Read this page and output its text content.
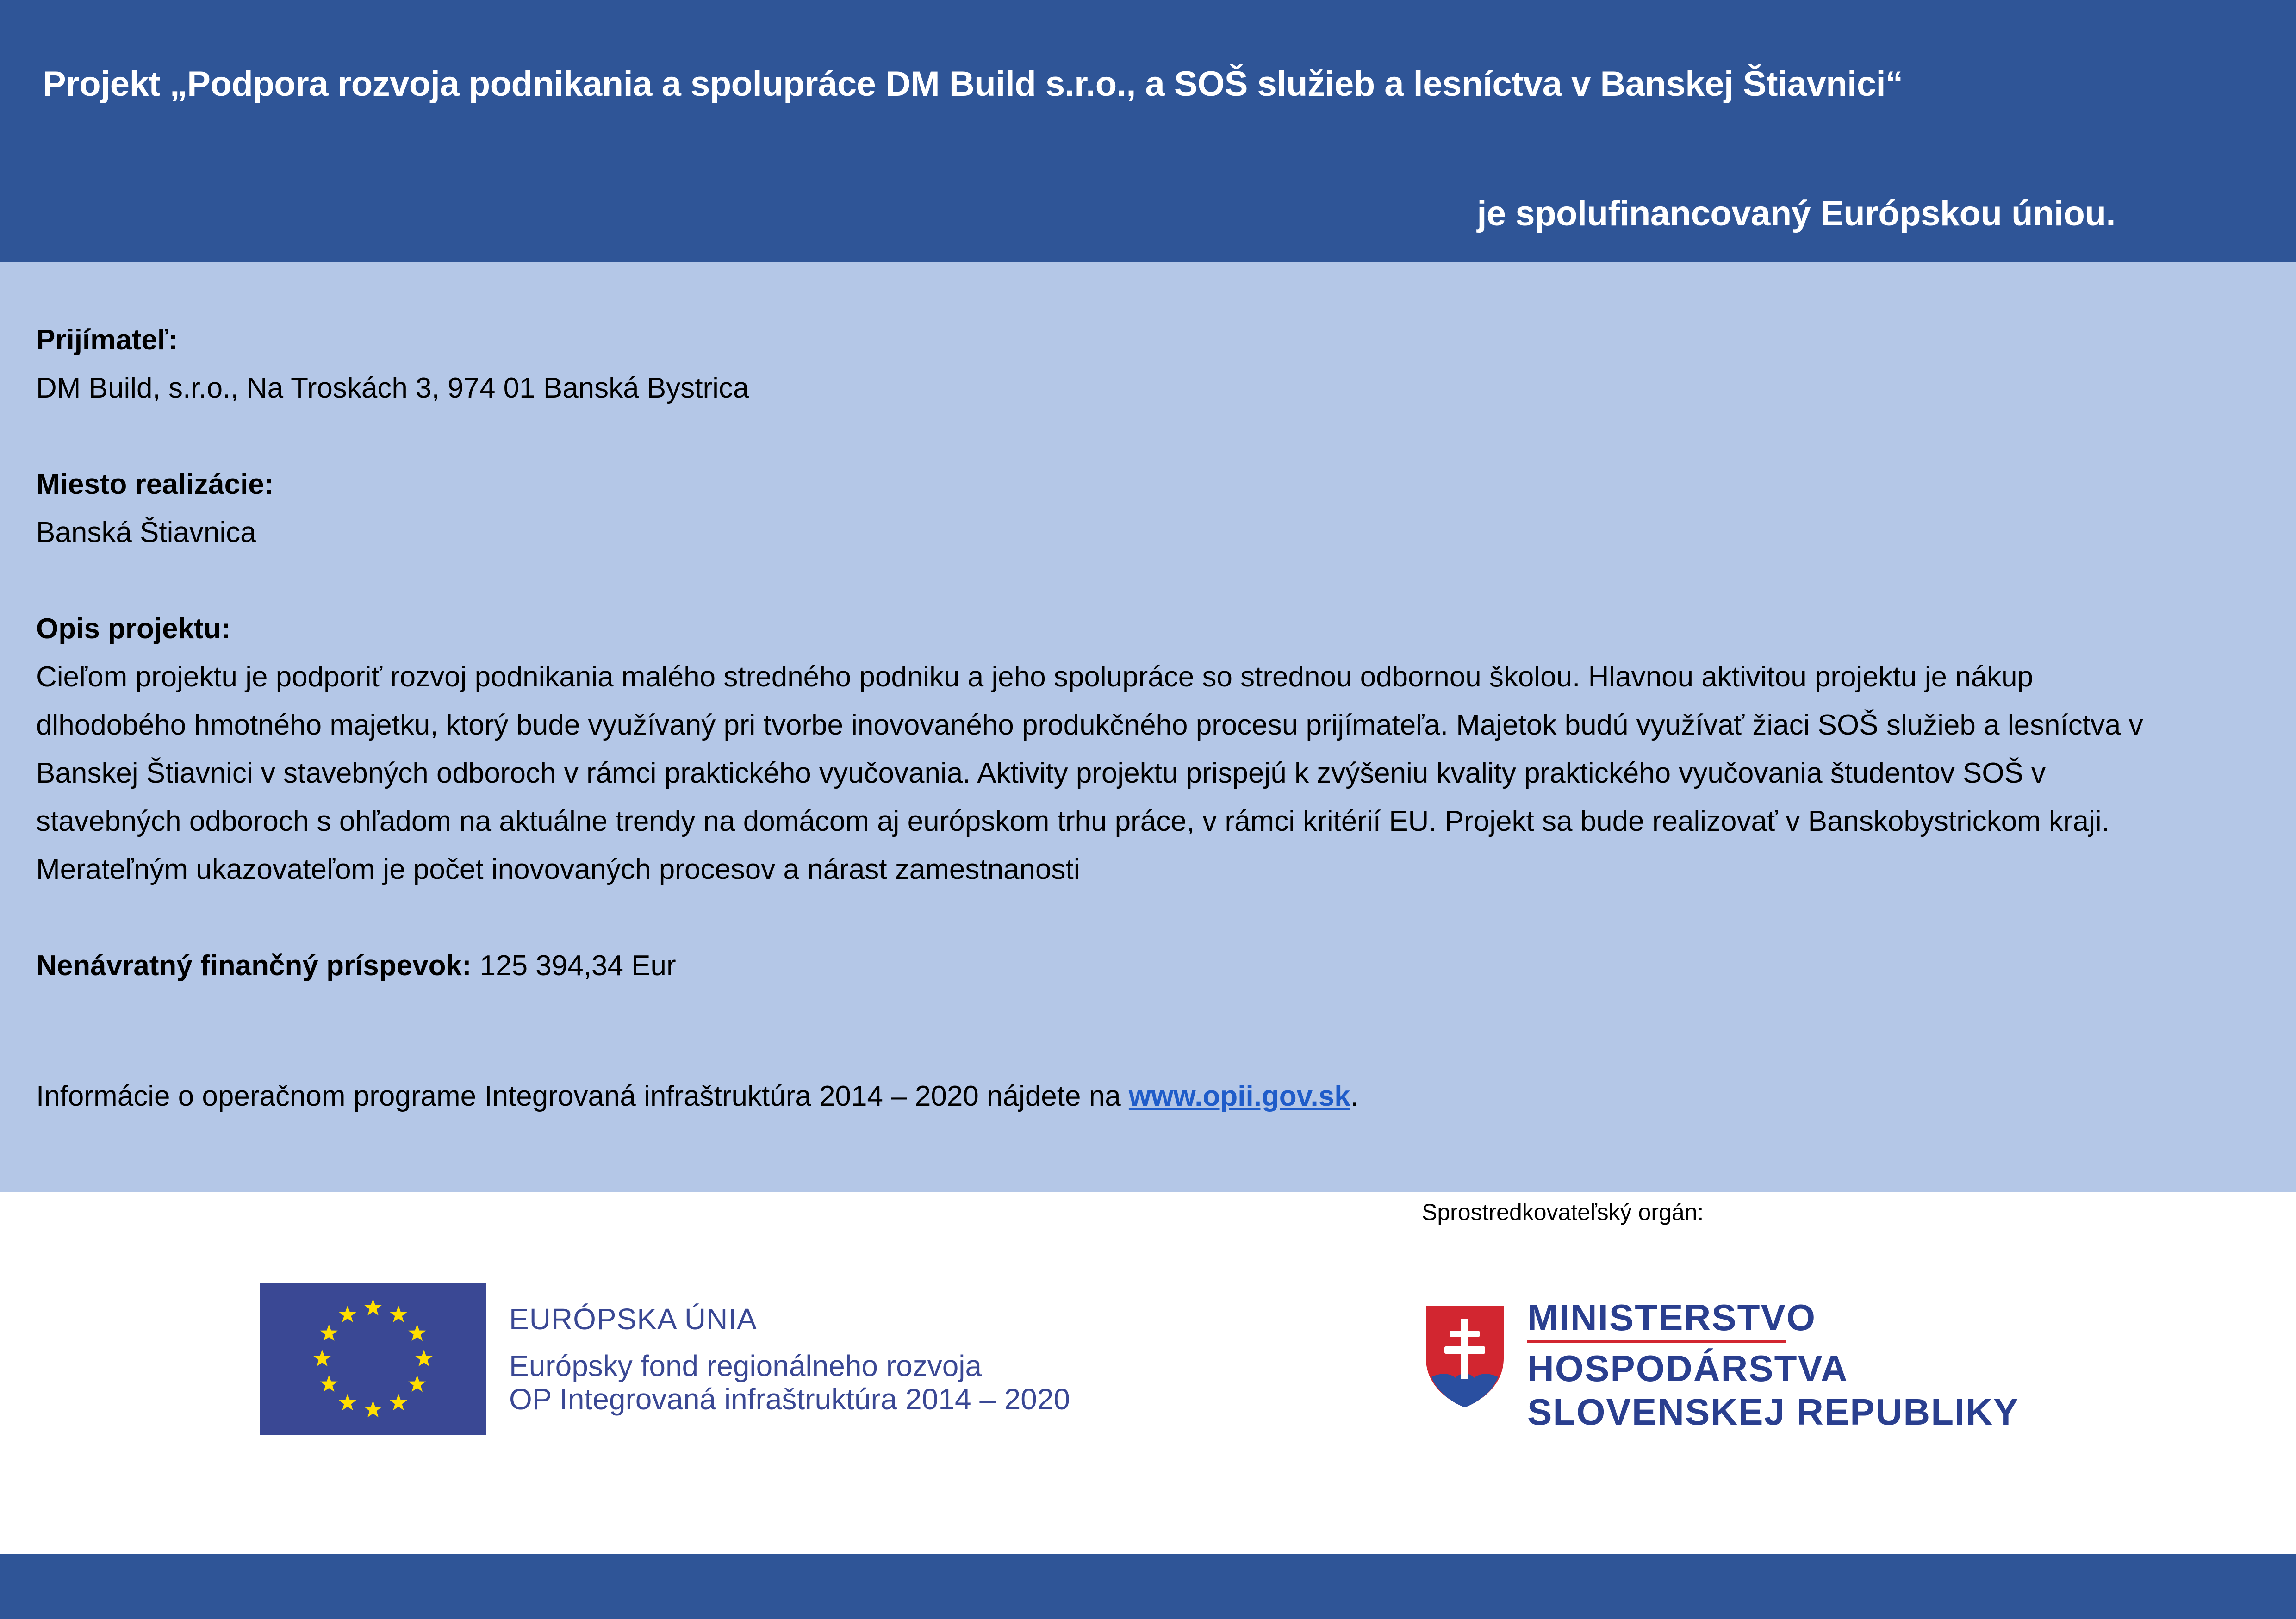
Projekt „Podpora rozvoja podnikania a spolupráce DM Build s.r.o., a SOŠ služieb a lesníctva v Banskej Štiavnici“
je spolufinancovaný Európskou úniou.
Prijímateľ:
DM Build, s.r.o., Na Troskách 3, 974 01 Banská Bystrica
Miesto realizácie:
Banská Štiavnica
Opis projektu:
Cieľom projektu je podporiť rozvoj podnikania malého stredného podniku a jeho spolupráce so strednou odbornou školou. Hlavnou aktivitou projektu je nákup
dlhodobého hmotného majetku, ktorý bude využívaný pri tvorbe inovovaného produkčného procesu prijímateľa. Majetok budú využívať žiaci SOŠ služieb a lesníctva v
Banskej Štiavnici v stavebných odboroch v rámci praktického vyučovania. Aktivity projektu prispejú k zvýšeniu kvality praktického vyučovania študentov SOŠ v
stavebných odboroch s ohľadom na aktuálne trendy na domácom aj európskom trhu práce, v rámci kritérií EU. Projekt sa bude realizovať v Banskobystrickom kraji.
Merateľným ukazovateľom je počet inovovaných procesov a nárast zamestnanosti
Nenávratný finančný príspevok: 125 394,34 Eur
Informácie o operačnom programe Integrovaná infraštruktúra 2014 – 2020 nájdete na www.opii.gov.sk.
Sprostredkovateľský orgán:
EURÓPSKA ÚNIA
Európsky fond regionálneho rozvoja
OP Integrovaná infraštruktúra 2014 – 2020
MINISTERSTVO
HOSPODÁRSTVA
SLOVENSKEJ REPUBLIKY
